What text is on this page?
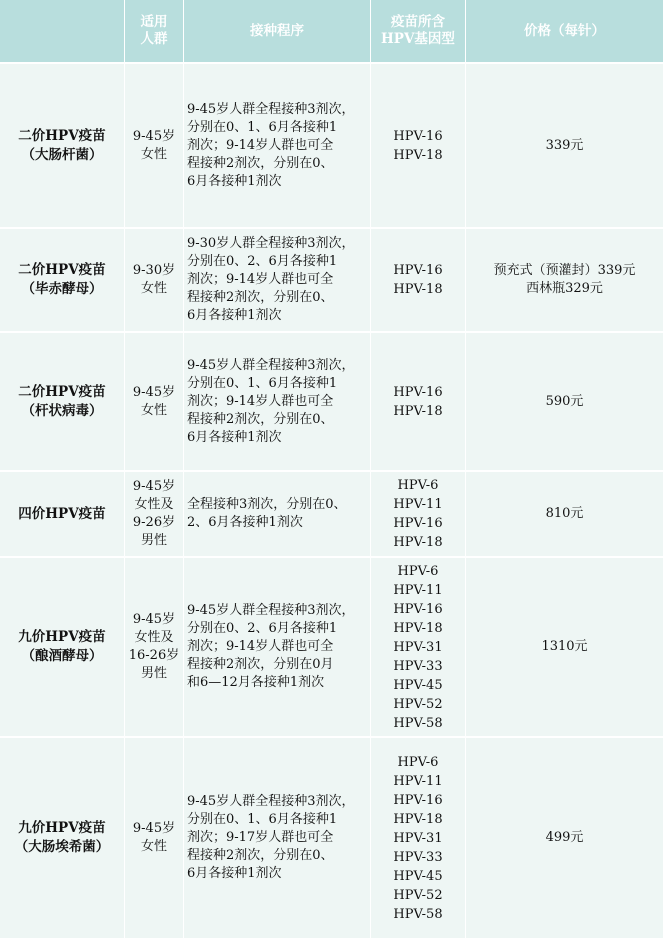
适用
人群
接种程序
疫苗所含
HPV基因型
价格（每针）
二价HPV疫苗
（大肠杆菌）
9-45岁
女性
9-45岁人群全程接种3剂次，
分别在0、1、6月各接种1
剂次；9-14岁人群也可全
程接种2剂次，分别在0、
6月各接种1剂次
HPV-16
HPV-18
339元
二价HPV疫苗
（毕赤酵母）
9-30岁
女性
9-30岁人群全程接种3剂次，
分别在0、2、6月各接种1
剂次；9-14岁人群也可全
程接种2剂次，分别在0、
6月各接种1剂次
HPV-16
HPV-18
预充式（预灌封）339元
西林瓶329元
二价HPV疫苗
（杆状病毒）
9-45岁
女性
9-45岁人群全程接种3剂次，
分别在0、1、6月各接种1
剂次；9-14岁人群也可全
程接种2剂次，分别在0、
6月各接种1剂次
HPV-16
HPV-18
590元
四价HPV疫苗
9-45岁
女性及
9-26岁
男性
全程接种3剂次，分别在0、
2、6月各接种1剂次
HPV-6
HPV-11
HPV-16
HPV-18
810元
九价HPV疫苗
（酿酒酵母）
9-45岁
女性及
16-26岁
男性
9-45岁人群全程接种3剂次，
分别在0、2、6月各接种1
剂次；9-14岁人群也可全
程接种2剂次，分别在0月
和6—12月各接种1剂次
HPV-6
HPV-11
HPV-16
HPV-18
HPV-31
HPV-33
HPV-45
HPV-52
HPV-58
1310元
九价HPV疫苗
（大肠埃希菌）
9-45岁
女性
9-45岁人群全程接种3剂次，
分别在0、1、6月各接种1
剂次；9-17岁人群也可全
程接种2剂次，分别在0、
6月各接种1剂次
HPV-6
HPV-11
HPV-16
HPV-18
HPV-31
HPV-33
HPV-45
HPV-52
HPV-58
499元
